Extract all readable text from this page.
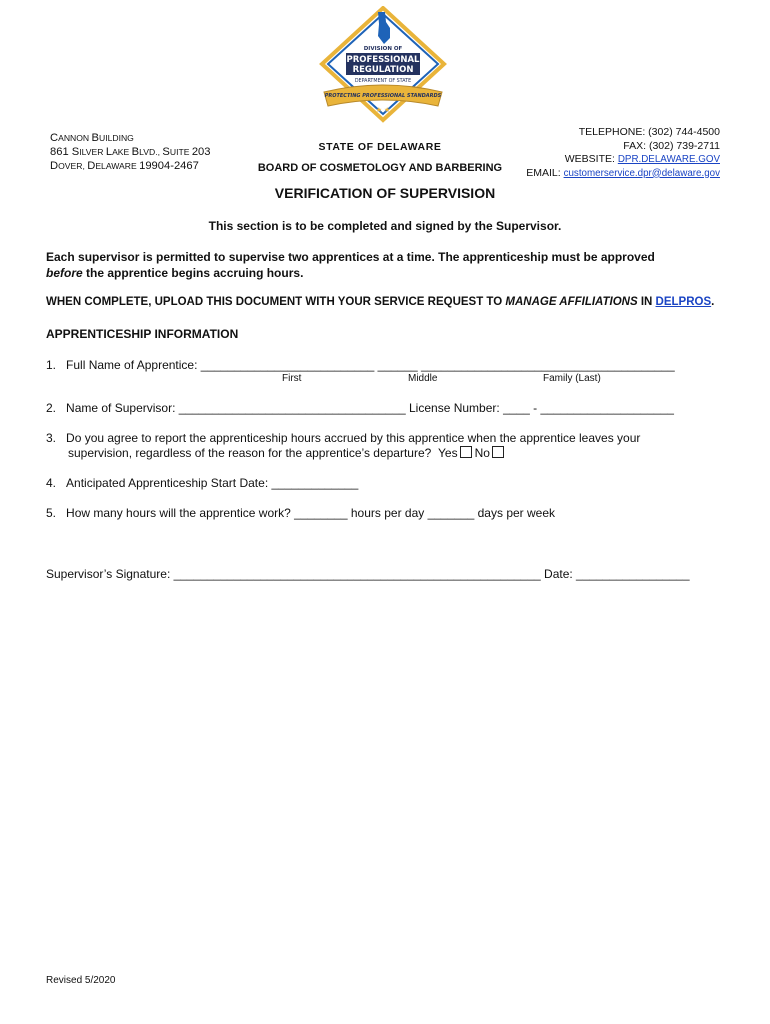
DIVISION OF
PROFESSIONAL
REGULATION
DEPARTMENT OF STATE
PROTECTING PROFESSIONAL STANDARDS
★ ★
CANNON BUILDING
861 SILVER LAKE BLVD., SUITE 203
DOVER, DELAWARE 19904-2467
STATE OF DELAWARE
BOARD OF COSMETOLOGY AND BARBERING
TELEPHONE: (302) 744-4500
FAX: (302) 739-2711
WEBSITE: DPR.DELAWARE.GOV
EMAIL: customerservice.dpr@delaware.gov
VERIFICATION OF SUPERVISION
This section is to be completed and signed by the Supervisor.
Each supervisor is permitted to supervise two apprentices at a time. The apprenticeship must be approved
before the apprentice begins accruing hours.
WHEN COMPLETE, UPLOAD THIS DOCUMENT WITH YOUR SERVICE REQUEST TO MANAGE AFFILIATIONS IN DELPROS.
APPRENTICESHIP INFORMATION
1. Full Name of Apprentice: __________________________ ______ ______________________________________
First	Middle	Family (Last)
2. Name of Supervisor: __________________________________ License Number: ____ - ____________________
3. Do you agree to report the apprenticeship hours accrued by this apprentice when the apprentice leaves your
supervision, regardless of the reason for the apprentice’s departure? Yes No
4. Anticipated Apprenticeship Start Date: _____________
5. How many hours will the apprentice work? ________ hours per day _______ days per week
Supervisor’s Signature: _______________________________________________________ Date: _________________
Revised 5/2020
